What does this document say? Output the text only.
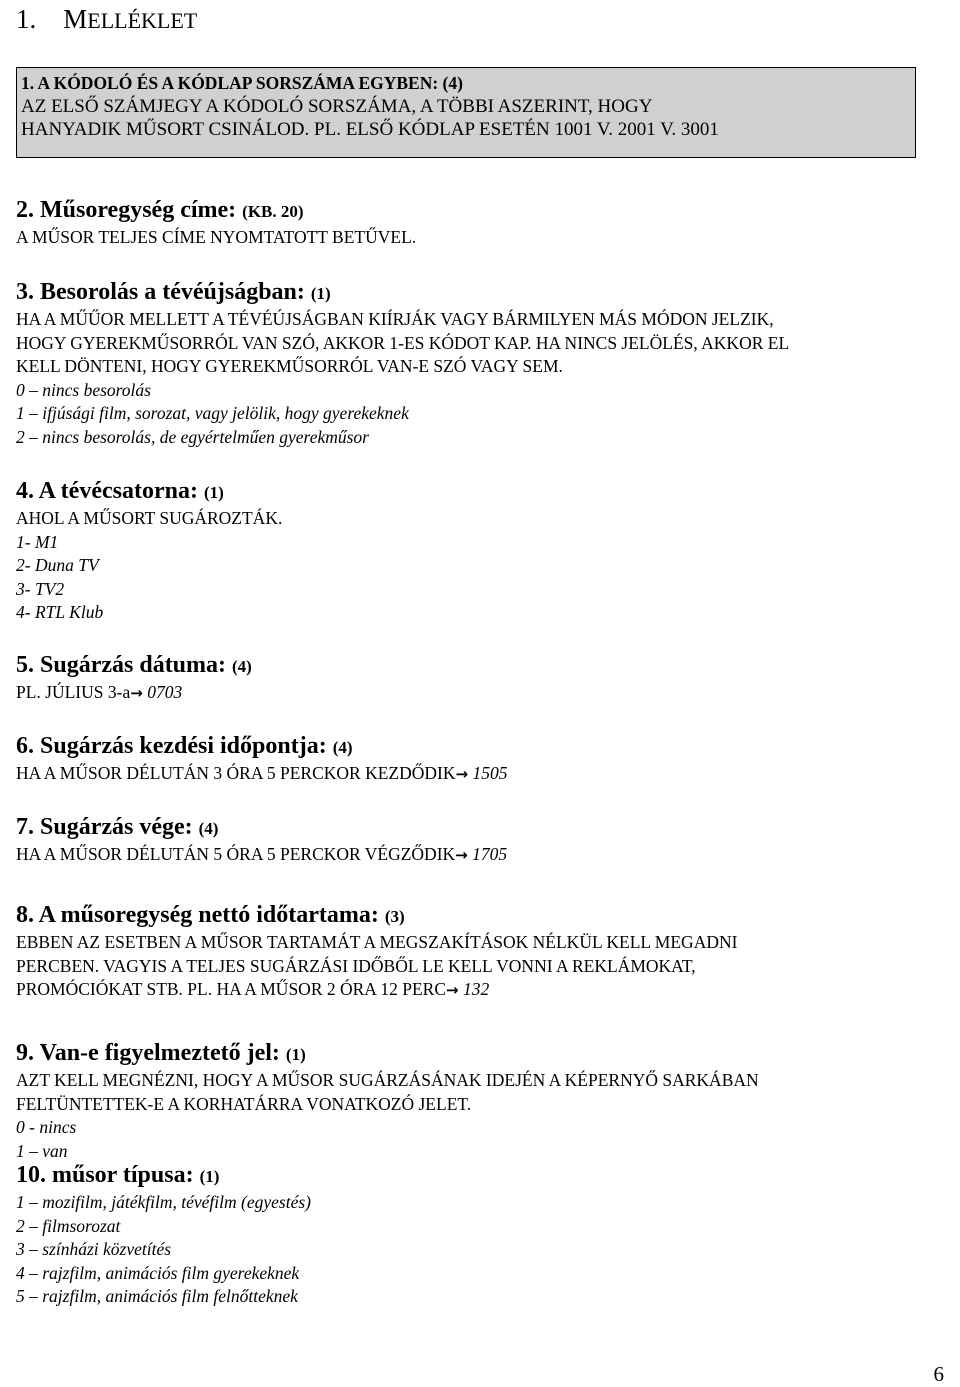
1. MELLÉKLET

1. A KÓDOLÓ ÉS A KÓDLAP SORSZÁMA EGYBEN: (4)

AZ ELSŐ SZÁMJEGY A KÓDOLÓ SORSZÁMA, A TÖBBI ASZERINT, HOGY

HANYADIK MŰSORT CSINÁLOD. PL. ELSŐ KÓDLAP ESETÉN 1001 V. 2001 V. 3001

2. Műsoregység címe: (KB. 20)

A MŰSOR TELJES CÍME NYOMTATOTT BETŰVEL.

3. Besorolás a tévéújságban: (1)

HA A MŰŰOR MELLETT A TÉVÉÚJSÁGBAN KIÍRJÁK VAGY BÁRMILYEN MÁS MÓDON JELZIK,

HOGY GYEREKMŰSORRÓL VAN SZÓ, AKKOR 1-ES KÓDOT KAP. HA NINCS JELÖLÉS, AKKOR EL

KELL DÖNTENI, HOGY GYEREKMŰSORRÓL VAN-E SZÓ VAGY SEM.

0 – nincs besorolás

1 – ifjúsági film, sorozat, vagy jelölik, hogy gyerekeknek

2 – nincs besorolás, de egyértelműen gyerekműsor

4. A tévécsatorna: (1)

AHOL A MŰSORT SUGÁROZTÁK.

1- M1

2- Duna TV

3- TV2

4- RTL Klub

5. Sugárzás dátuma: (4)

PL. JÚLIUS 3-a→ 0703

6. Sugárzás kezdési időpontja: (4)

HA A MŰSOR DÉLUTÁN 3 ÓRA 5 PERCKOR KEZDŐDIK→ 1505

7. Sugárzás vége: (4)

HA A MŰSOR DÉLUTÁN 5 ÓRA 5 PERCKOR VÉGZŐDIK→ 1705

8. A műsoregység nettó időtartama: (3)

EBBEN AZ ESETBEN A MŰSOR TARTAMÁT A MEGSZAKÍTÁSOK NÉLKÜL KELL MEGADNI

PERCBEN. VAGYIS A TELJES SUGÁRZÁSI IDŐBŐL LE KELL VONNI A REKLÁMOKAT,

PROMÓCIÓKAT STB. PL. HA A MŰSOR 2 ÓRA 12 PERC→ 132

9. Van-e figyelmeztető jel: (1)

AZT KELL MEGNÉZNI, HOGY A MŰSOR SUGÁRZÁSÁNAK IDEJÉN A KÉPERNYŐ SARKÁBAN

FELTÜNTETTEK-E A KORHATÁRRA VONATKOZÓ JELET.

0 - nincs

1 – van

10. műsor típusa: (1)

1 – mozifilm, játékfilm, tévéfilm (egyestés)

2 – filmsorozat

3 – színházi közvetítés

4 – rajzfilm, animációs film gyerekeknek

5 – rajzfilm, animációs film felnőtteknek

6
